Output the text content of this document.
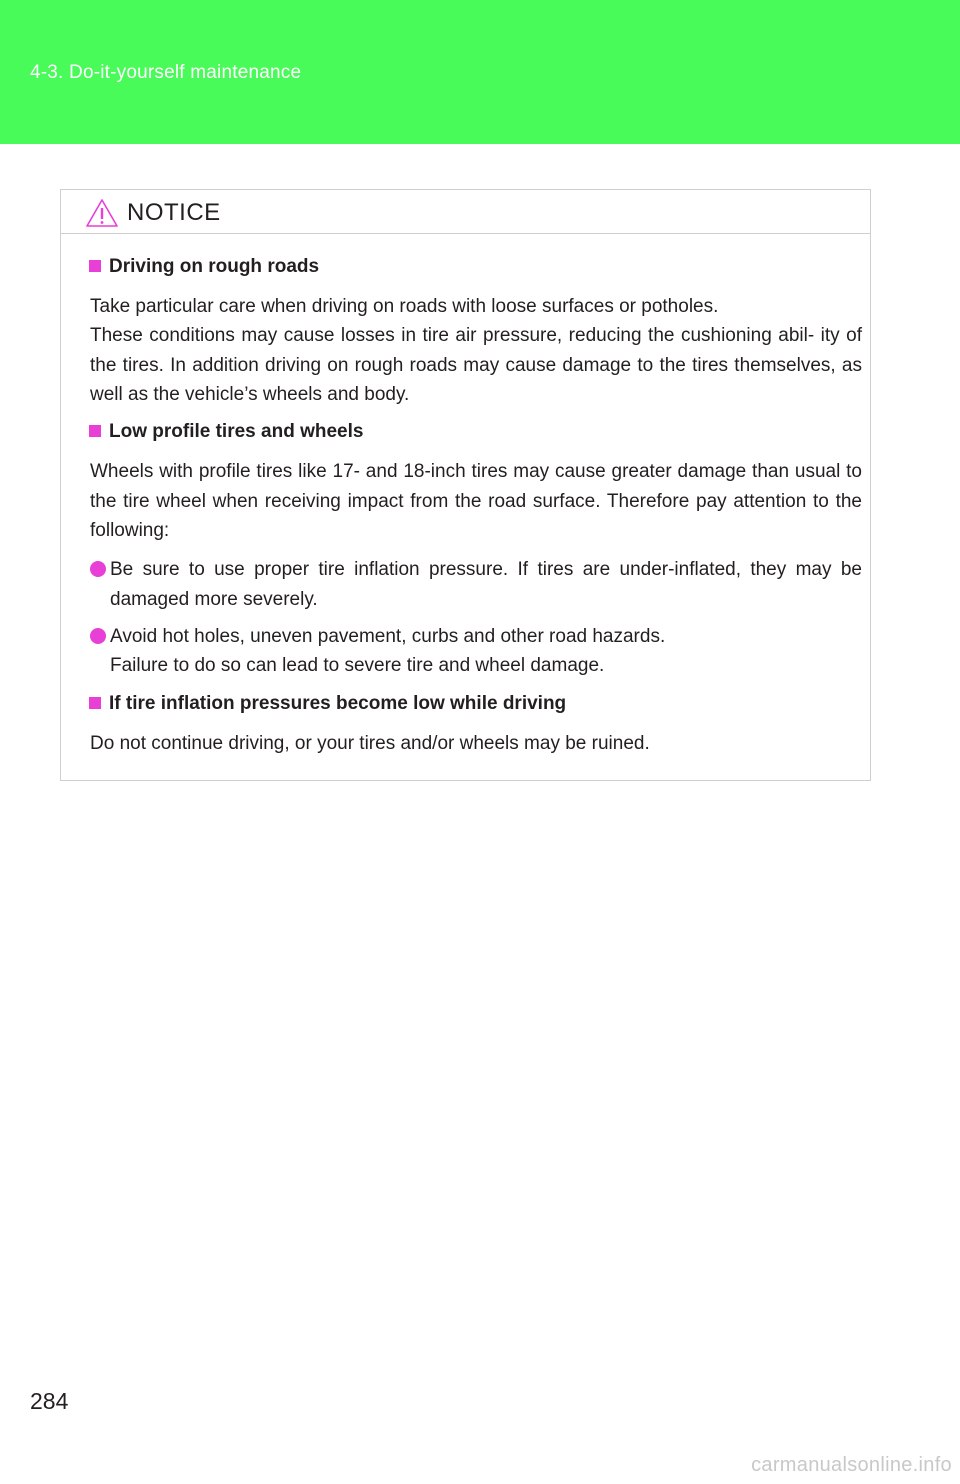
4-3. Do-it-yourself maintenance
NOTICE
Driving on rough roads
Take particular care when driving on roads with loose surfaces or potholes.
These conditions may cause losses in tire air pressure, reducing the cushioning abil- ity of the tires. In addition driving on rough roads may cause damage to the tires themselves, as well as the vehicle’s wheels and body.
Low profile tires and wheels
Wheels with profile tires like 17- and 18-inch tires may cause greater damage than usual to the tire wheel when receiving impact from the road surface. Therefore pay attention to the following:
Be sure to use proper tire inflation pressure. If tires are under-inflated, they may be damaged more severely.
Avoid hot holes, uneven pavement, curbs and other road hazards.
Failure to do so can lead to severe tire and wheel damage.
If tire inflation pressures become low while driving
Do not continue driving, or your tires and/or wheels may be ruined.
284
carmanualsonline.info
